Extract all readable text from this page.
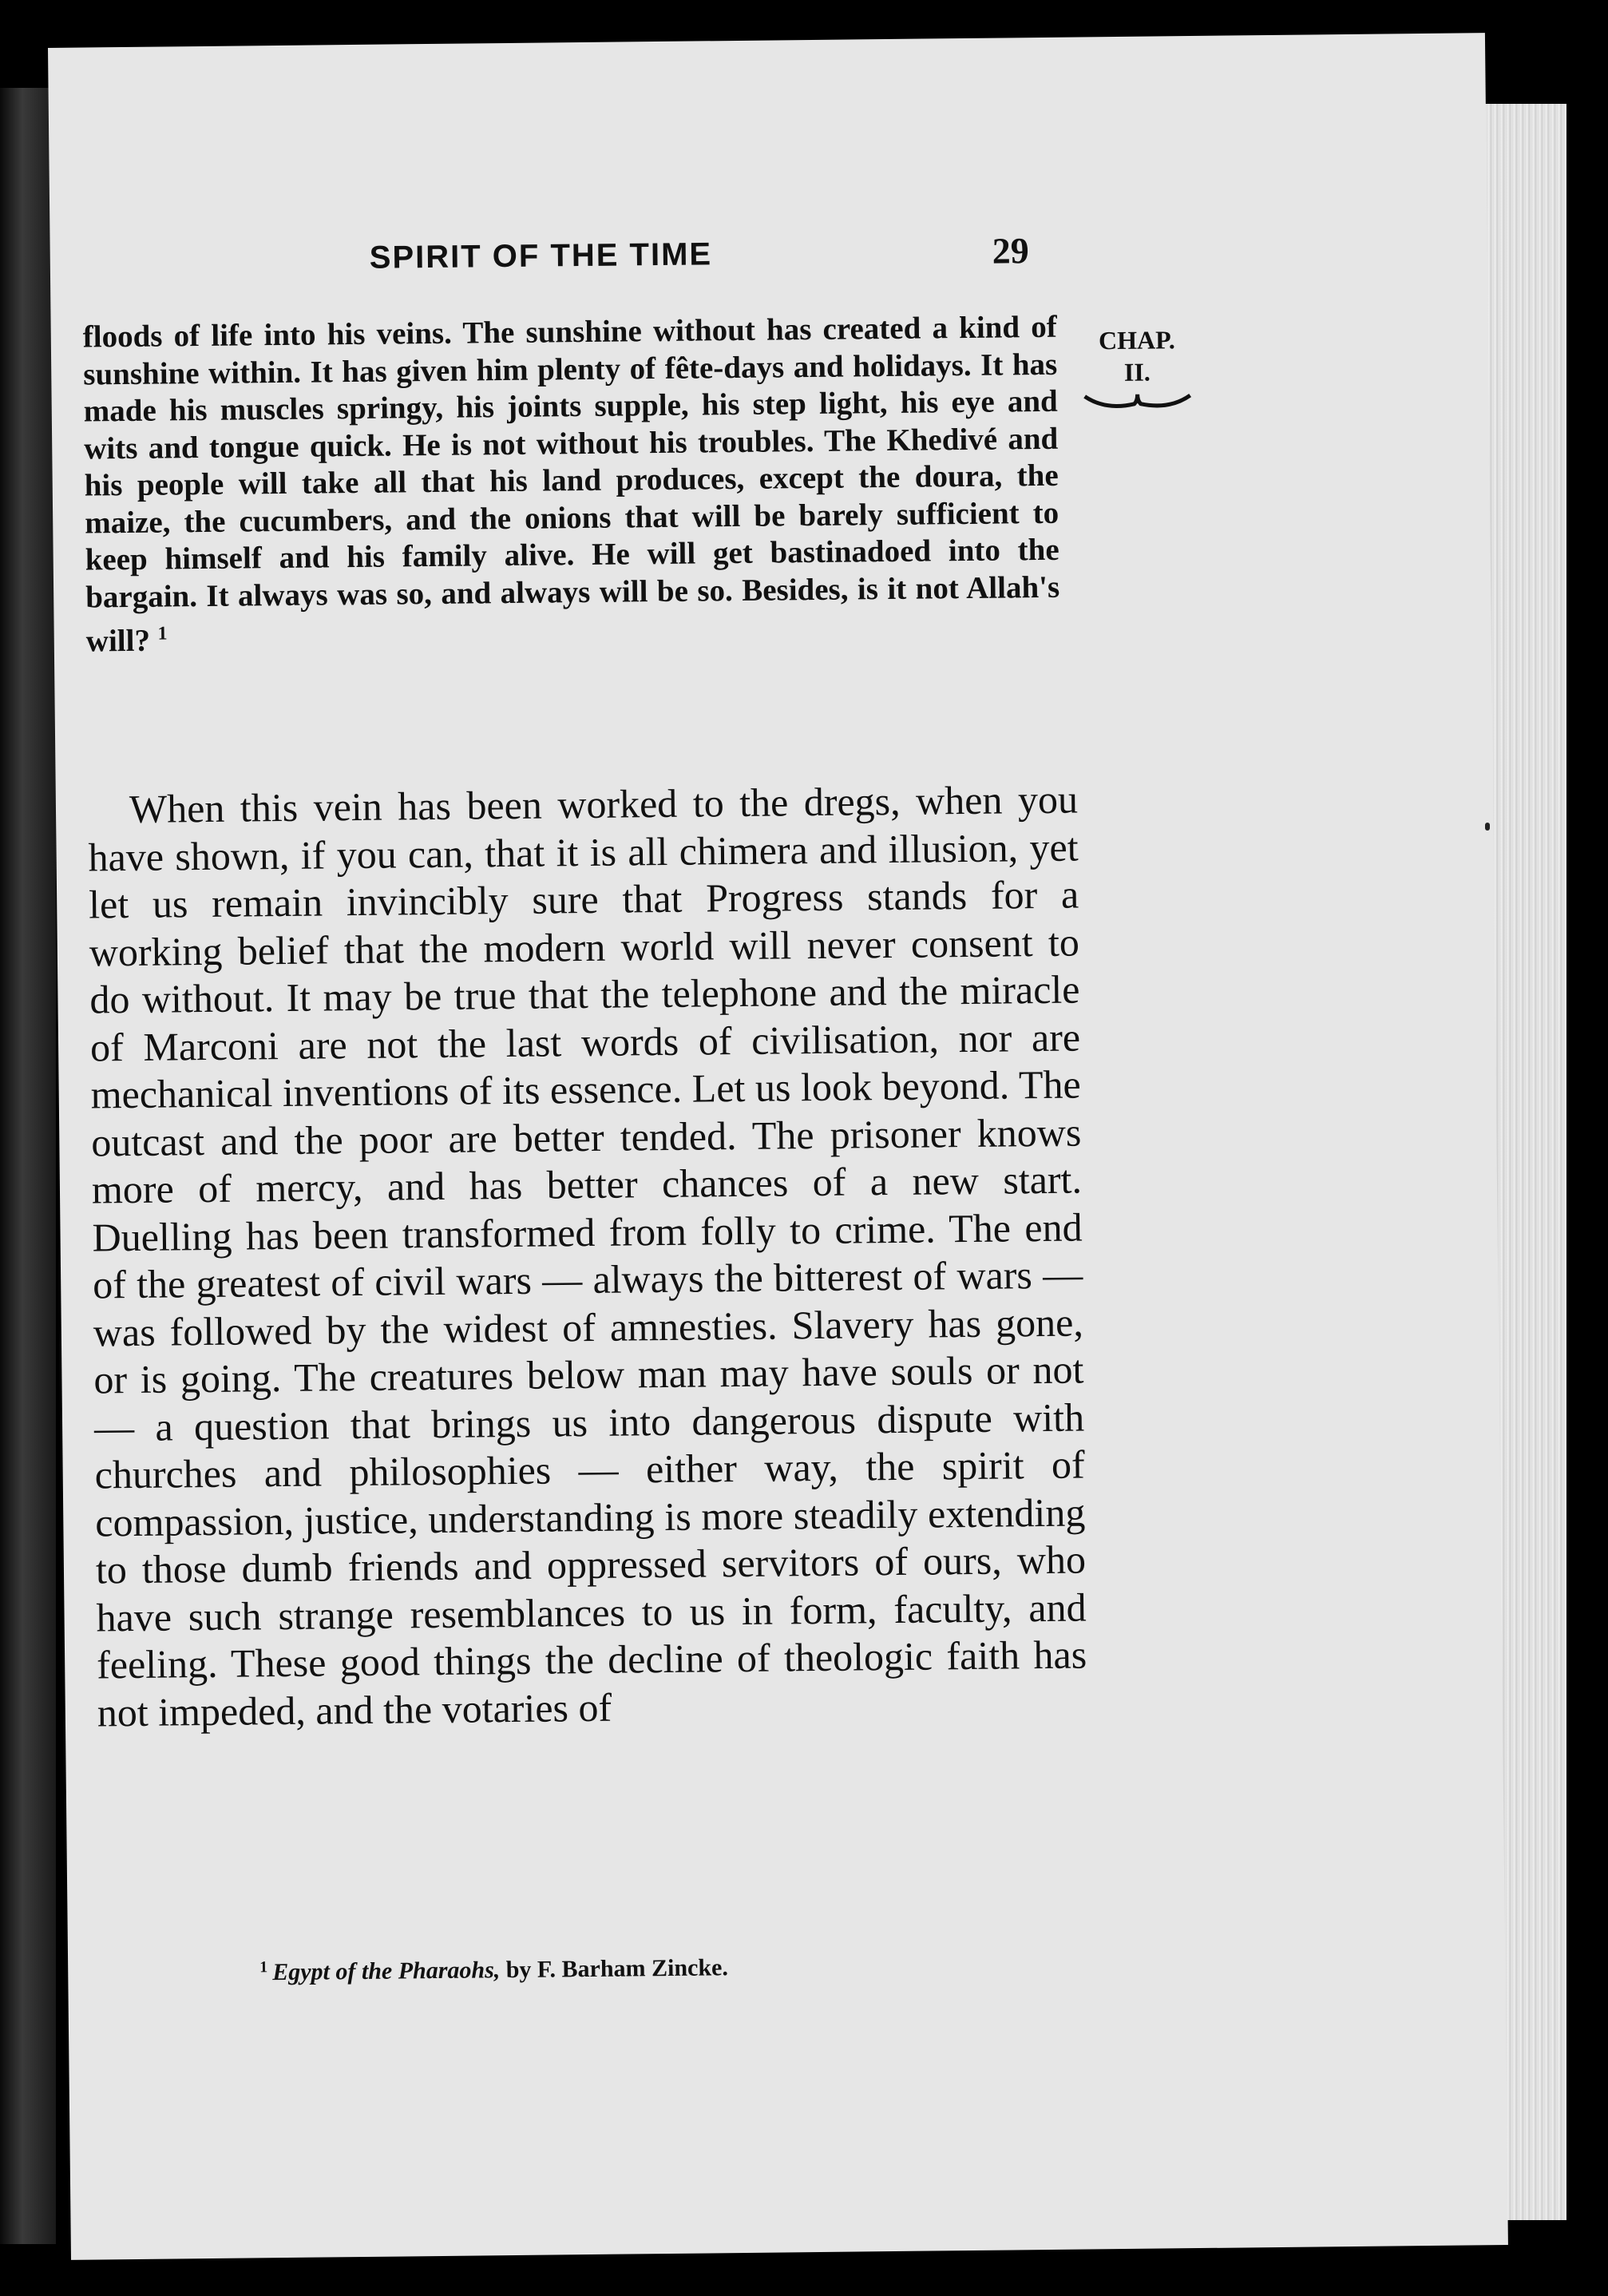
SPIRIT OF THE TIME	29
CHAP.
II.
floods of life into his veins. The sunshine without has created a kind of sunshine within. It has given him plenty of fête-days and holidays. It has made his muscles springy, his joints supple, his step light, his eye and wits and tongue quick. He is not without his troubles. The Khedivé and his people will take all that his land produces, except the doura, the maize, the cucumbers, and the onions that will be barely sufficient to keep himself and his family alive. He will get bastinadoed into the bargain. It always was so, and always will be so. Besides, is it not Allah's will? $^1$
When this vein has been worked to the dregs, when you have shown, if you can, that it is all chimera and illusion, yet let us remain invincibly sure that Progress stands for a working belief that the modern world will never consent to do without. It may be true that the telephone and the miracle of Marconi are not the last words of civilisation, nor are mechanical inventions of its essence. Let us look beyond. The outcast and the poor are better tended. The prisoner knows more of mercy, and has better chances of a new start. Duelling has been transformed from folly to crime. The end of the greatest of civil wars — always the bitterest of wars — was followed by the widest of amnesties. Slavery has gone, or is going. The creatures below man may have souls or not — a question that brings us into dangerous dispute with churches and philosophies — either way, the spirit of compassion, justice, understanding is more steadily extending to those dumb friends and oppressed servitors of ours, who have such strange resemblances to us in form, faculty, and feeling. These good things the decline of theologic faith has not impeded, and the votaries of
$^1$ Egypt of the Pharaohs, by F. Barham Zincke.
